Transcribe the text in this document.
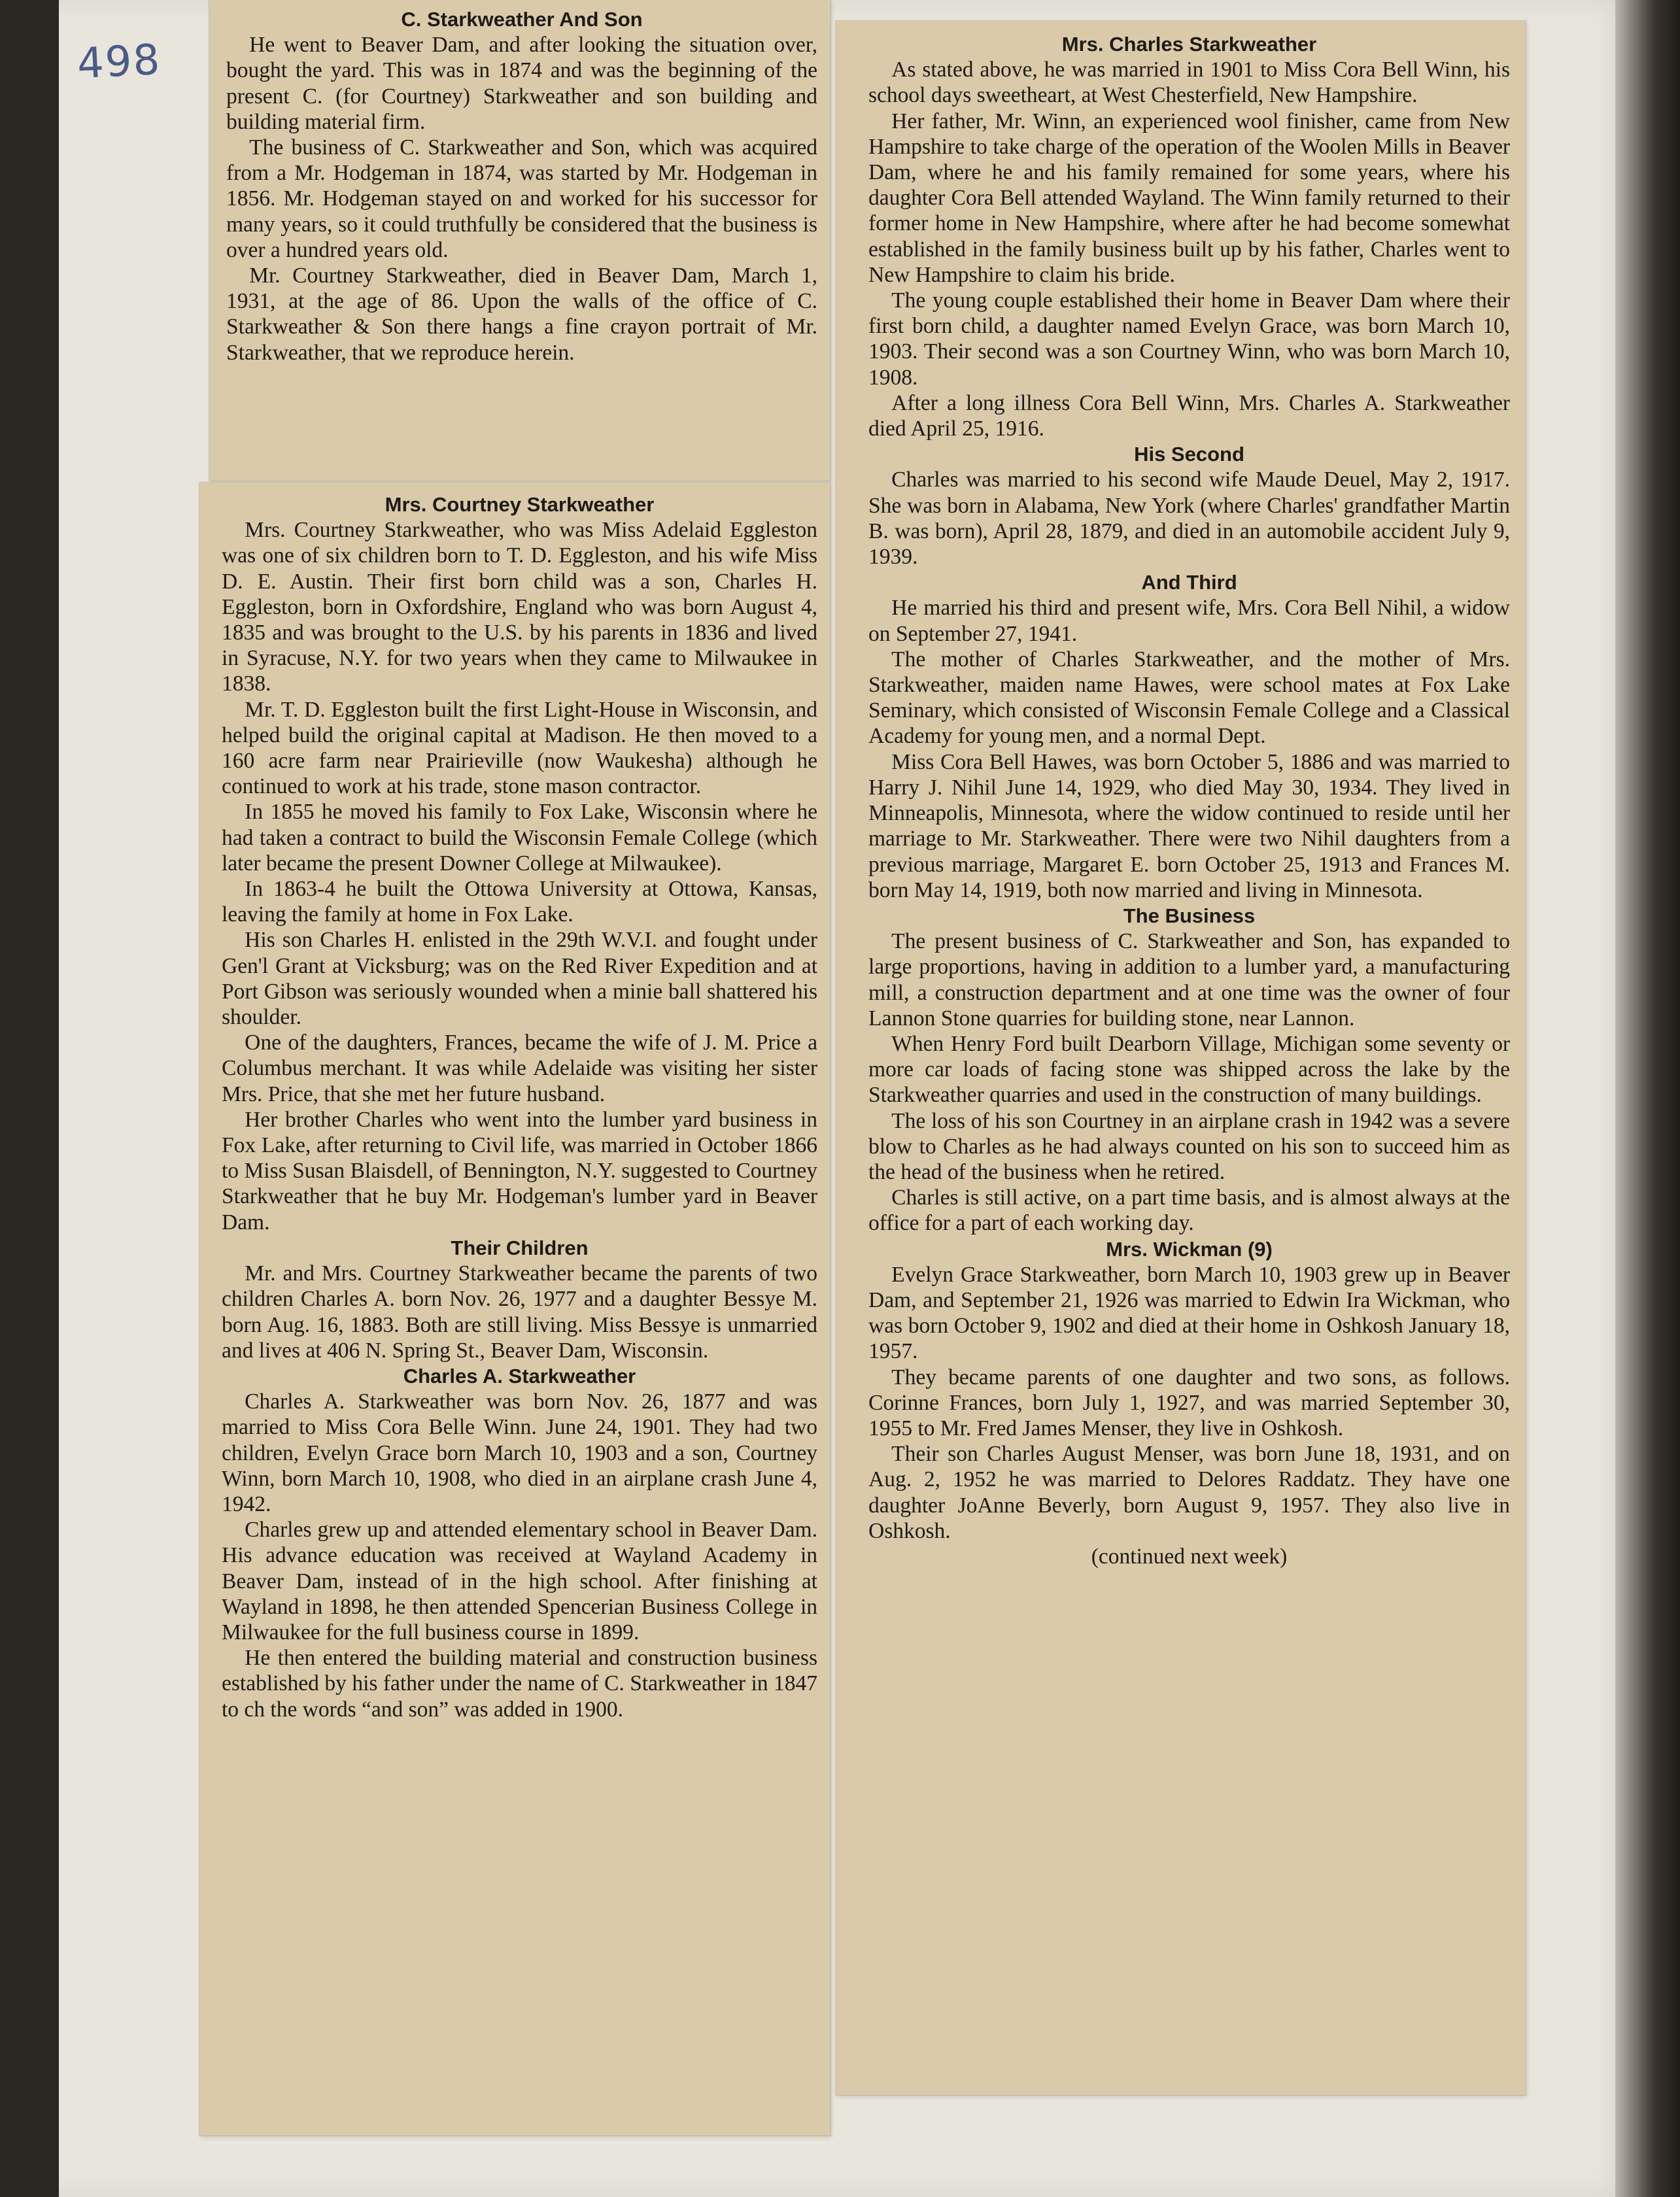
498
C. Starkweather And Son

He went to Beaver Dam, and after looking the situation over, bought the yard. This was in 1874 and was the beginning of the present C. (for Courtney) Starkweather and son building and building material firm.

The business of C. Starkweather and Son, which was acquired from a Mr. Hodgeman in 1874, was started by Mr. Hodgeman in 1856. Mr. Hodgeman stayed on and worked for his successor for many years, so it could truthfully be considered that the business is over a hundred years old.

Mr. Courtney Starkweather, died in Beaver Dam, March 1, 1931, at the age of 86. Upon the walls of the office of C. Starkweather & Son there hangs a fine crayon portrait of Mr. Starkweather, that we reproduce herein.

Mrs. Courtney Starkweather

Mrs. Courtney Starkweather, who was Miss Adelaid Eggleston was one of six children born to T. D. Eggleston, and his wife Miss D. E. Austin. Their first born child was a son, Charles H. Eggleston, born in Oxfordshire, England who was born August 4, 1835 and was brought to the U.S. by his parents in 1836 and lived in Syracuse, N.Y. for two years when they came to Milwaukee in 1838.

Mr. T. D. Eggleston built the first Light-House in Wisconsin, and helped build the original capital at Madison. He then moved to a 160 acre farm near Prairieville (now Waukesha) although he continued to work at his trade, stone mason contractor.

In 1855 he moved his family to Fox Lake, Wisconsin where he had taken a contract to build the Wisconsin Female College (which later became the present Downer College at Milwaukee).

In 1863-4 he built the Ottowa University at Ottowa, Kansas, leaving the family at home in Fox Lake.

His son Charles H. enlisted in the 29th W.V.I. and fought under Gen'l Grant at Vicksburg; was on the Red River Expedition and at Port Gibson was seriously wounded when a minie ball shattered his shoulder.

One of the daughters, Frances, became the wife of J. M. Price a Columbus merchant. It was while Adelaide was visiting her sister Mrs. Price, that she met her future husband.

Her brother Charles who went into the lumber yard business in Fox Lake, after returning to Civil life, was married in October 1866 to Miss Susan Blaisdell, of Bennington, N.Y. suggested to Courtney Starkweather that he buy Mr. Hodgeman's lumber yard in Beaver Dam.

Their Children

Mr. and Mrs. Courtney Starkweather became the parents of two children Charles A. born Nov. 26, 1977 and a daughter Bessye M. born Aug. 16, 1883. Both are still living. Miss Bessye is unmarried and lives at 406 N. Spring St., Beaver Dam, Wisconsin.

Charles A. Starkweather

Charles A. Starkweather was born Nov. 26, 1877 and was married to Miss Cora Belle Winn. June 24, 1901. They had two children, Evelyn Grace born March 10, 1903 and a son, Courtney Winn, born March 10, 1908, who died in an airplane crash June 4, 1942.

Charles grew up and attended elementary school in Beaver Dam. His advance education was received at Wayland Academy in Beaver Dam, instead of in the high school. After finishing at Wayland in 1898, he then attended Spencerian Business College in Milwaukee for the full business course in 1899.

He then entered the building material and construction business established by his father under the name of C. Starkweather in 1847 to ch the words “and son” was added in 1900.

Mrs. Charles Starkweather

As stated above, he was married in 1901 to Miss Cora Bell Winn, his school days sweetheart, at West Chesterfield, New Hampshire.

Her father, Mr. Winn, an experienced wool finisher, came from New Hampshire to take charge of the operation of the Woolen Mills in Beaver Dam, where he and his family remained for some years, where his daughter Cora Bell attended Wayland. The Winn family returned to their former home in New Hampshire, where after he had become somewhat established in the family business built up by his father, Charles went to New Hampshire to claim his bride.

The young couple established their home in Beaver Dam where their first born child, a daughter named Evelyn Grace, was born March 10, 1903. Their second was a son Courtney Winn, who was born March 10, 1908.

After a long illness Cora Bell Winn, Mrs. Charles A. Starkweather died April 25, 1916.

His Second

Charles was married to his second wife Maude Deuel, May 2, 1917. She was born in Alabama, New York (where Charles' grandfather Martin B. was born), April 28, 1879, and died in an automobile accident July 9, 1939.

And Third

He married his third and present wife, Mrs. Cora Bell Nihil, a widow on September 27, 1941.

The mother of Charles Starkweather, and the mother of Mrs. Starkweather, maiden name Hawes, were school mates at Fox Lake Seminary, which consisted of Wisconsin Female College and a Classical Academy for young men, and a normal Dept.

Miss Cora Bell Hawes, was born October 5, 1886 and was married to Harry J. Nihil June 14, 1929, who died May 30, 1934. They lived in Minneapolis, Minnesota, where the widow continued to reside until her marriage to Mr. Starkweather. There were two Nihil daughters from a previous marriage, Margaret E. born October 25, 1913 and Frances M. born May 14, 1919, both now married and living in Minnesota.

The Business

The present business of C. Starkweather and Son, has expanded to large proportions, having in addition to a lumber yard, a manufacturing mill, a construction department and at one time was the owner of four Lannon Stone quarries for building stone, near Lannon.

When Henry Ford built Dearborn Village, Michigan some seventy or more car loads of facing stone was shipped across the lake by the Starkweather quarries and used in the construction of many buildings.

The loss of his son Courtney in an airplane crash in 1942 was a severe blow to Charles as he had always counted on his son to succeed him as the head of the business when he retired.

Charles is still active, on a part time basis, and is almost always at the office for a part of each working day.

Mrs. Wickman (9)

Evelyn Grace Starkweather, born March 10, 1903 grew up in Beaver Dam, and September 21, 1926 was married to Edwin Ira Wickman, who was born October 9, 1902 and died at their home in Oshkosh January 18, 1957.

They became parents of one daughter and two sons, as follows. Corinne Frances, born July 1, 1927, and was married September 30, 1955 to Mr. Fred James Menser, they live in Oshkosh.

Their son Charles August Menser, was born June 18, 1931, and on Aug. 2, 1952 he was married to Delores Raddatz. They have one daughter JoAnne Beverly, born August 9, 1957. They also live in Oshkosh.

(continued next week)
